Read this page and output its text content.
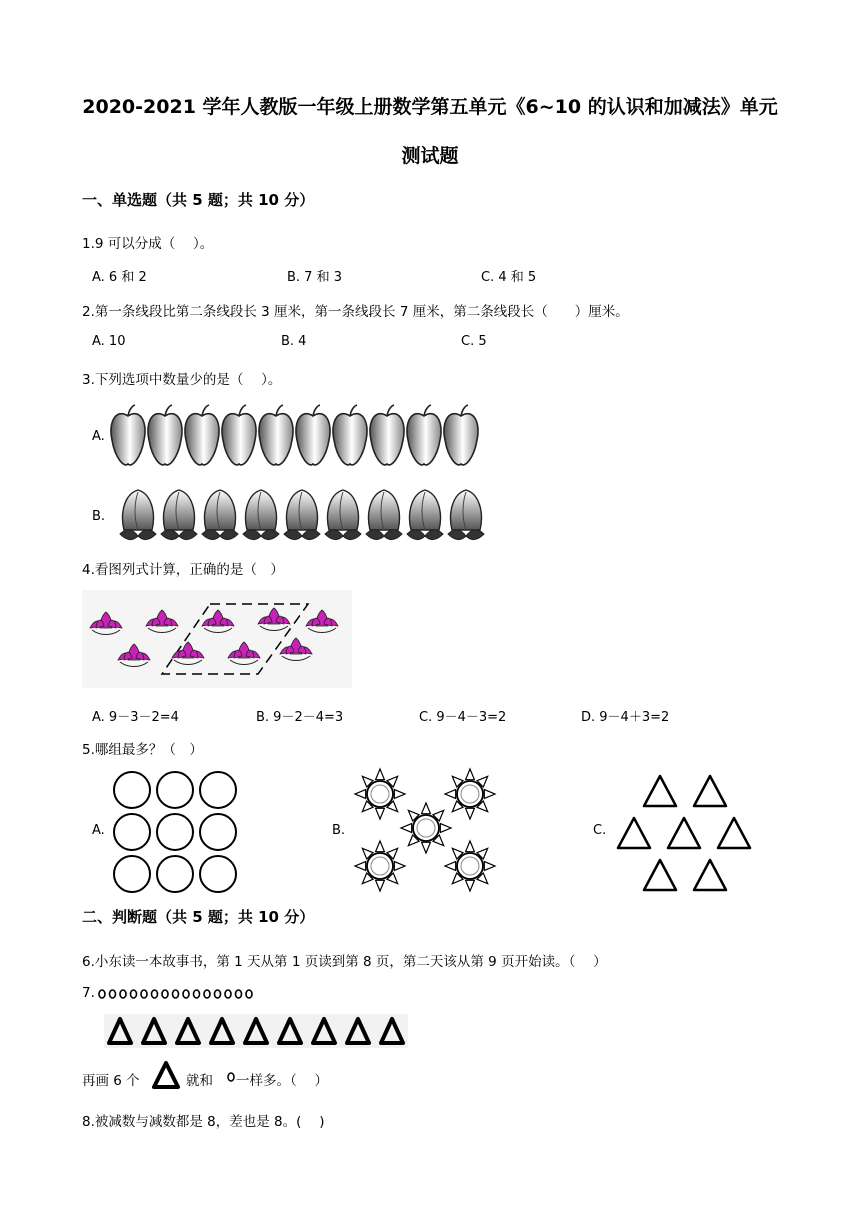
2020-2021 学年人教版一年级上册数学第五单元《6~10 的认识和加减法》单元
测试题
一、单选题（共 5 题；共 10 分）
1.9 可以分成（　 ）。
A. 6 和 2	B. 7 和 3	C. 4 和 5
2.第一条线段比第二条线段长 3 厘米，第一条线段长 7 厘米，第二条线段长（　　）厘米。
A. 10	B. 4	C. 5
3.下列选项中数量少的是（　 ）。
A.
B.
4.看图列式计算，正确的是（　）
A. 9－3－2=4	B. 9－2－4=3	C. 9－4－3=2	D. 9－4＋3=2
5.哪组最多？（　）
A.	B.	C.
二、判断题（共 5 题；共 10 分）
6.小东读一本故事书，第 1 天从第 1 页读到第 8 页，第二天该从第 9 页开始读。（　 ）
7.
再画 6 个	就和 一样多。（　 ）
8.被减数与减数都是 8，差也是 8。(　 )
